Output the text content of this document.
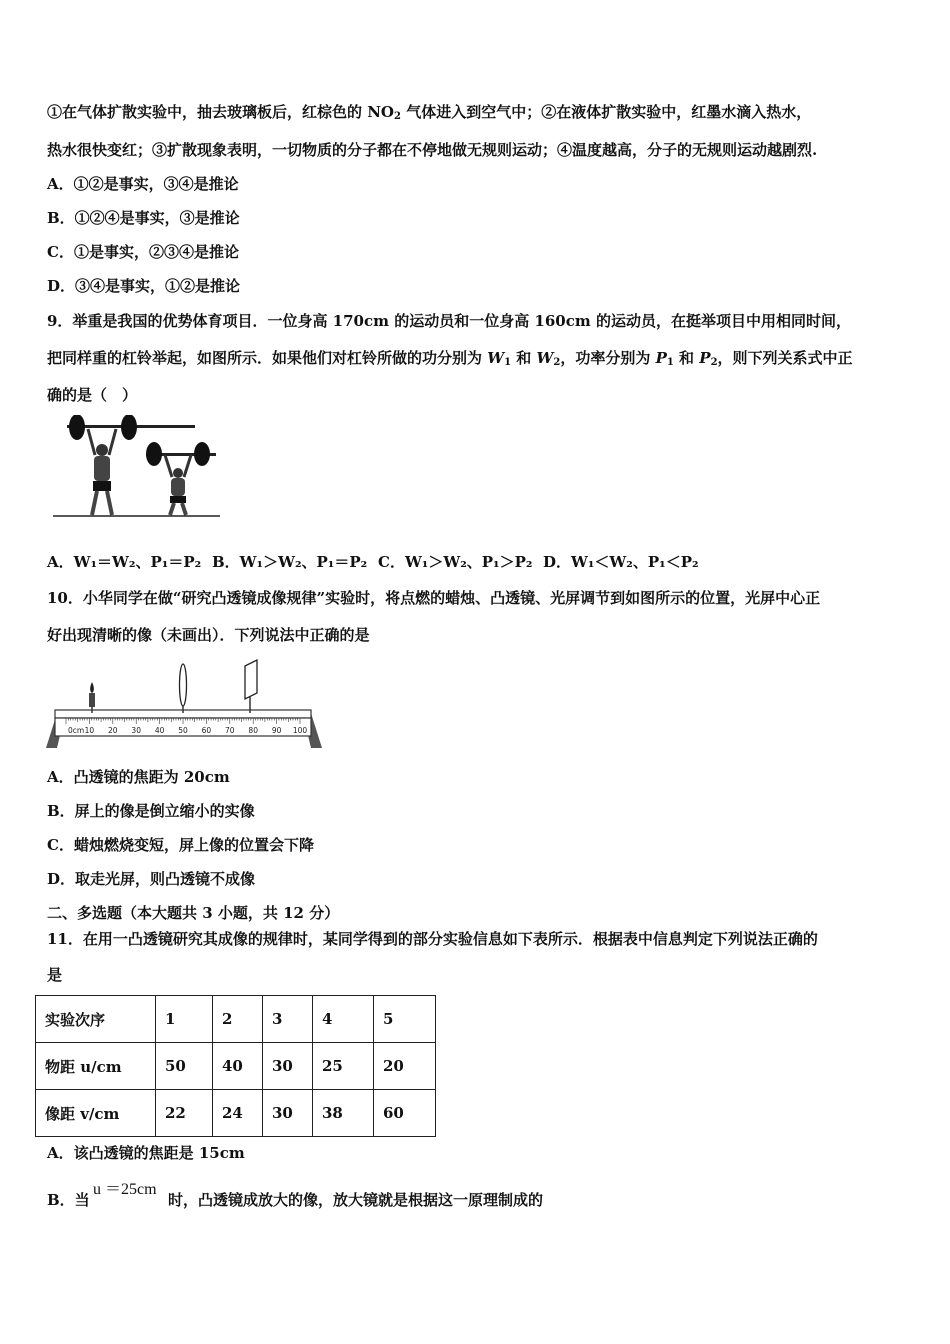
①在气体扩散实验中，抽去玻璃板后，红棕色的 $NO_2$ 气体进入到空气中；②在液体扩散实验中，红墨水滴入热水，
热水很快变红；③扩散现象表明，一切物质的分子都在不停地做无规则运动；④温度越高，分子的无规则运动越剧烈.
A．①②是事实，③④是推论
B．①②④是事实，③是推论
C．①是事实，②③④是推论
D．③④是事实，①②是推论
9．举重是我国的优势体育项目．一位身高 170cm 的运动员和一位身高 160cm 的运动员，在挺举项目中用相同时间，
把同样重的杠铃举起，如图所示．如果他们对杠铃所做的功分别为 $W_1$ 和 $W_2$，功率分别为 $P_1$ 和 $P_2$，则下列关系式中正
确的是（　）
A．W₁＝W₂、P₁＝P₂ B．W₁＞W₂、P₁＝P₂ C．W₁＞W₂、P₁＞P₂ D．W₁＜W₂、P₁＜P₂
10．小华同学在做“研究凸透镜成像规律”实验时，将点燃的蜡烛、凸透镜、光屏调节到如图所示的位置，光屏中心正
好出现清晰的像（未画出）．下列说法中正确的是
0cm 10 20 30 40 50 60 70 80 90 100
A．凸透镜的焦距为 20cm
B．屏上的像是倒立缩小的实像
C．蜡烛燃烧变短，屏上像的位置会下降
D．取走光屏，则凸透镜不成像
二、多选题（本大题共 3 小题，共 12 分）
11．在用一凸透镜研究其成像的规律时，某同学得到的部分实验信息如下表所示．根据表中信息判定下列说法正确的
是
实验次序	1	2	3	4	5
物距 u/cm	50	40	30	25	20
像距 v/cm	22	24	30	38	60
A．该凸透镜的焦距是 15cm
B．当
u ＝25cm
时，凸透镜成放大的像，放大镜就是根据这一原理制成的
